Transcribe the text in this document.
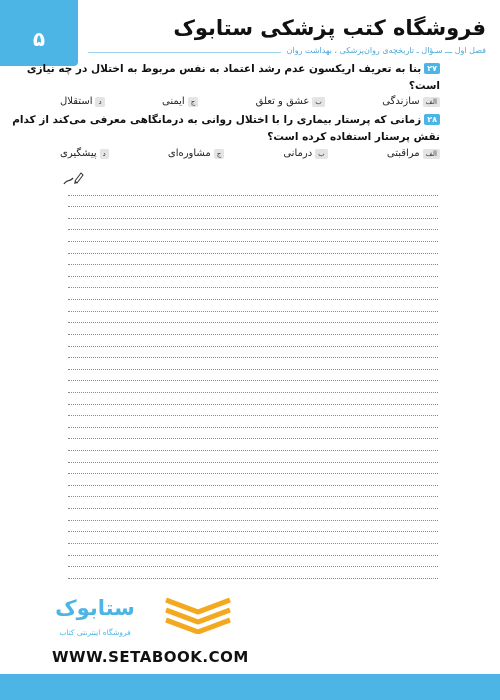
۵	فروشگاه کتب پزشکی ستابوک
فصل اول ـــ سـؤال ـ تاریخچه‌ی روان‌پزشکی ، بهداشت روان
۲۷بنا به تعریف اریکسون عدم رشد اعتماد به نفس مربوط به اختلال در چه نیازی
است؟
الف
سازندگی
ب
عشق و تعلق
ج
ایمنی
د
استقلال
۲۸زمانی که پرستار بیماری را با اختلال روانی به درمانگاهی معرفی می‌کند از کدام
نقش پرستار استفاده کرده است؟
الف
مراقبتی
ب
درمانی
ج
مشاوره‌ای
د
پیشگیری
ستابوک
فروشگاه اینترنتی کتاب
WWW.SETABOOK.COM
